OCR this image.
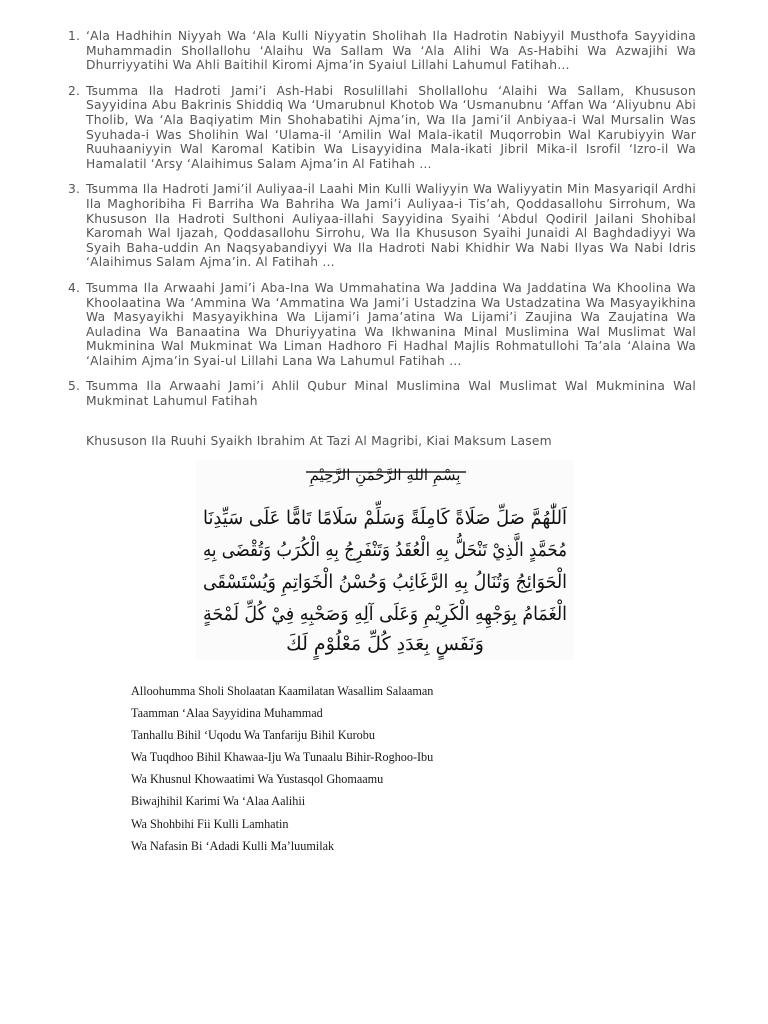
1. ‘Ala Hadhihin Niyyah Wa ‘Ala Kulli Niyyatin Sholihah Ila Hadrotin Nabiyyil Musthofa Sayyidina Muhammadin Shollallohu ‘Alaihu Wa Sallam Wa ‘Ala Alihi Wa As-Habihi Wa Azwajihi Wa Dhurriyyatihi Wa Ahli Baitihil Kiromi Ajma’in Syaiul Lillahi Lahumul Fatihah…
2. Tsumma Ila Hadroti Jami’i Ash-Habi Rosulillahi Shollallohu ‘Alaihi Wa Sallam, Khususon Sayyidina Abu Bakrinis Shiddiq Wa ‘Umarubnul Khotob Wa ‘Usmanubnu ‘Affan Wa ‘Aliyubnu Abi Tholib, Wa ‘Ala Baqiyatim Min Shohabatihi Ajma’in, Wa Ila Jami’il Anbiyaa-i Wal Mursalin Was Syuhada-i Was Sholihin Wal ‘Ulama-il ‘Amilin Wal Mala-ikatil Muqorrobin Wal Karubiyyin War Ruuhaaniyyin Wal Karomal Katibin Wa Lisayyidina Mala-ikati Jibril Mika-il Isrofil ‘Izro-il Wa Hamalatil ‘Arsy ‘Alaihimus Salam Ajma’in Al Fatihah …
3. Tsumma Ila Hadroti Jami’il Auliyaa-il Laahi Min Kulli Waliyyin Wa Waliyyatin Min Masyariqil Ardhi Ila Maghoribiha Fi Barriha Wa Bahriha Wa Jami’i Auliyaa-i Tis’ah, Qoddasallohu Sirrohum, Wa Khususon Ila Hadroti Sulthoni Auliyaa-illahi Sayyidina Syaihi ‘Abdul Qodiril Jailani Shohibal Karomah Wal Ijazah, Qoddasallohu Sirrohu, Wa Ila Khususon Syaihi Junaidi Al Baghdadiyyi Wa Syaih Baha-uddin An Naqsyabandiyyi Wa Ila Hadroti Nabi Khidhir Wa Nabi Ilyas Wa Nabi Idris ‘Alaihimus Salam Ajma’in. Al Fatihah …
4. Tsumma Ila Arwaahi Jami’i Aba-Ina Wa Ummahatina Wa Jaddina Wa Jaddatina Wa Khoolina Wa Khoolaatina Wa ‘Ammina Wa ‘Ammatina Wa Jami’i Ustadzina Wa Ustadzatina Wa Masyayikhina Wa Masyayikhi Masyayikhina Wa Lijami’i Jama’atina Wa Lijami’i Zaujina Wa Zaujatina Wa Auladina Wa Banaatina Wa Dhuriyyatina Wa Ikhwanina Minal Muslimina Wal Muslimat Wal Mukminina Wal Mukminat Wa Liman Hadhoro Fi Hadhal Majlis Rohmatullohi Ta’ala ‘Alaina Wa ‘Alaihim Ajma’in Syai-ul Lillahi Lana Wa Lahumul Fatihah …
5. Tsumma Ila Arwaahi Jami’i Ahlil Qubur Minal Muslimina Wal Muslimat Wal Mukminina Wal Mukminat Lahumul Fatihah
Khususon Ila Ruuhi Syaikh Ibrahim At Tazi Al Magribi, Kiai Maksum Lasem
بِسْمِ اللهِ الرَّحْمَنِ الرَّحِيْمِ
اَللّٰهُمَّ صَلِّ صَلَاةً كَامِلَةً وَسَلِّمْ سَلَامًا تَامًّا عَلَى سَيِّدِنَا
مُحَمَّدٍ الَّذِيْ تَنْحَلُّ بِهِ الْعُقَدُ وَتَنْفَرِجُ بِهِ الْكُرَبُ وَتُقْضَى بِهِ
الْحَوَائِجُ وَتُنَالُ بِهِ الرَّغَائِبُ وَحُسْنُ الْخَوَاتِمِ وَيُسْتَسْقَى
الْغَمَامُ بِوَجْهِهِ الْكَرِيْمِ وَعَلَى آلِهِ وَصَحْبِهِ فِيْ كُلِّ لَمْحَةٍ
وَنَفَسٍ بِعَدَدِ كُلِّ مَعْلُوْمٍ لَكَ
Alloohumma Sholi Sholaatan Kaamilatan Wasallim Salaaman
Taamman ‘Alaa Sayyidina Muhammad
Tanhallu Bihil ‘Uqodu Wa Tanfariju Bihil Kurobu
Wa Tuqdhoo Bihil Khawaa-Iju Wa Tunaalu Bihir-Roghoo-Ibu
Wa Khusnul Khowaatimi Wa Yustasqol Ghomaamu
Biwajhihil Karimi Wa ‘Alaa Aalihii
Wa Shohbihi Fii Kulli Lamhatin
Wa Nafasin Bi ‘Adadi Kulli Ma’luumilak
